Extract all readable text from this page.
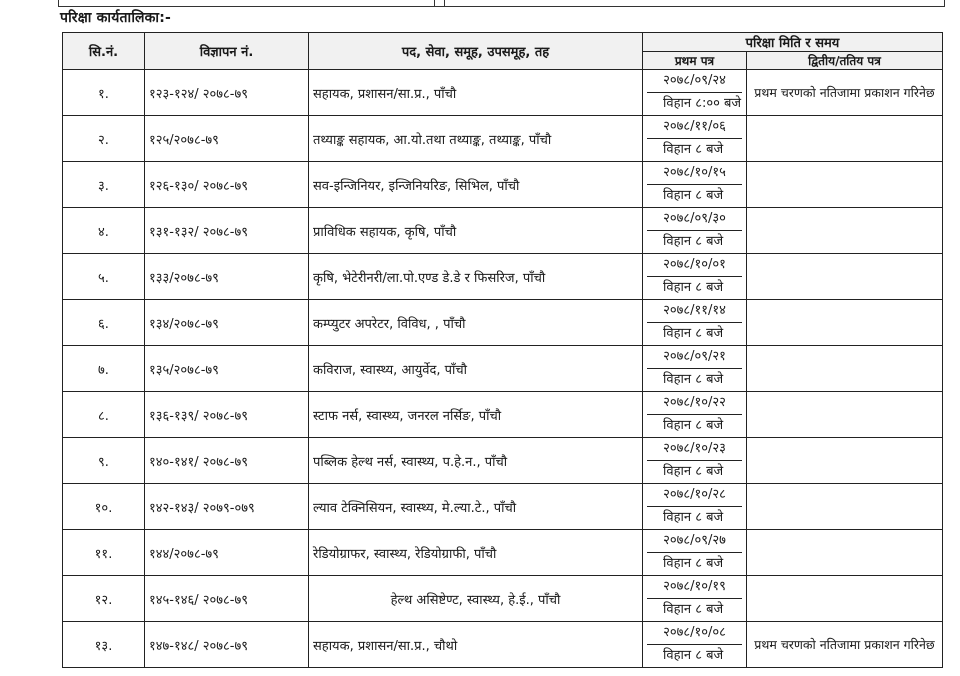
परिक्षा कार्यतालिका:-
सि.नं.	विज्ञापन नं.	पद, सेवा, समूह, उपसमूह, तह	परिक्षा मिति र समय	
			प्रथम पत्र	द्वितीय/ततिय पत्र
१.	१२३-१२४/ २०७८-७९	सहायक, प्रशासन/सा.प्र., पाँचौ	२०७८/०९/२४
विहान ८:०० बजे	प्रथम चरणको नतिजामा प्रकाशन गरिनेछ
२.	१२५/२०७८-७९	तथ्याङ्क सहायक, आ.यो.तथा तथ्याङ्क, तथ्याङ्क, पाँचौ	२०७८/११/०६
विहान ८ बजे	

३.	१२६-१३०/ २०७८-७९	सव-इन्जिनियर, इन्जिनियरिङ, सिभिल, पाँचौ	२०७८/१०/१५
विहान ८ बजे	

४.	१३१-१३२/ २०७८-७९	प्राविधिक सहायक, कृषि, पाँचौ	२०७८/०९/३०
विहान ८ बजे	

५.	१३३/२०७८-७९	कृषि, भेटेरीनरी/ला.पो.एण्ड डे.डे र फिसरिज, पाँचौ	२०७८/१०/०१
विहान ८ बजे	

६.	१३४/२०७८-७९	कम्प्युटर अपरेटर, विविध, , पाँचौ	२०७८/११/१४
विहान ८ बजे	

७.	१३५/२०७८-७९	कविराज, स्वास्थ्य, आयुर्वेद, पाँचौ	२०७८/०९/२१
विहान ८ बजे	

८.	१३६-१३९/ २०७८-७९	स्टाफ नर्स, स्वास्थ्य, जनरल नर्सिङ, पाँचौ	२०७८/१०/२२
विहान ८ बजे	

९.	१४०-१४१/ २०७८-७९	पब्लिक हेल्थ नर्स, स्वास्थ्य, प.हे.न., पाँचौ	२०७८/१०/२३
विहान ८ बजे	

१०.	१४२-१४३/ २०७९-०७९	ल्याव टेक्निसियन, स्वास्थ्य, मे.ल्या.टे., पाँचौ	२०७८/१०/२८
विहान ८ बजे	

११.	१४४/२०७८-७९	रेडियोग्राफर, स्वास्थ्य, रेडियोग्राफी, पाँचौ	२०७८/०९/२७
विहान ८ बजे	

१२.	१४५-१४६/ २०७८-७९	हेल्थ असिष्टेण्ट, स्वास्थ्य, हे.ई., पाँचौ	२०७८/१०/१९
विहान ८ बजे	

१३.	१४७-१४८/ २०७८-७९	सहायक, प्रशासन/सा.प्र., चौथो	२०७८/१०/०८
विहान ८ बजे	प्रथम चरणको नतिजामा प्रकाशन गरिनेछ
